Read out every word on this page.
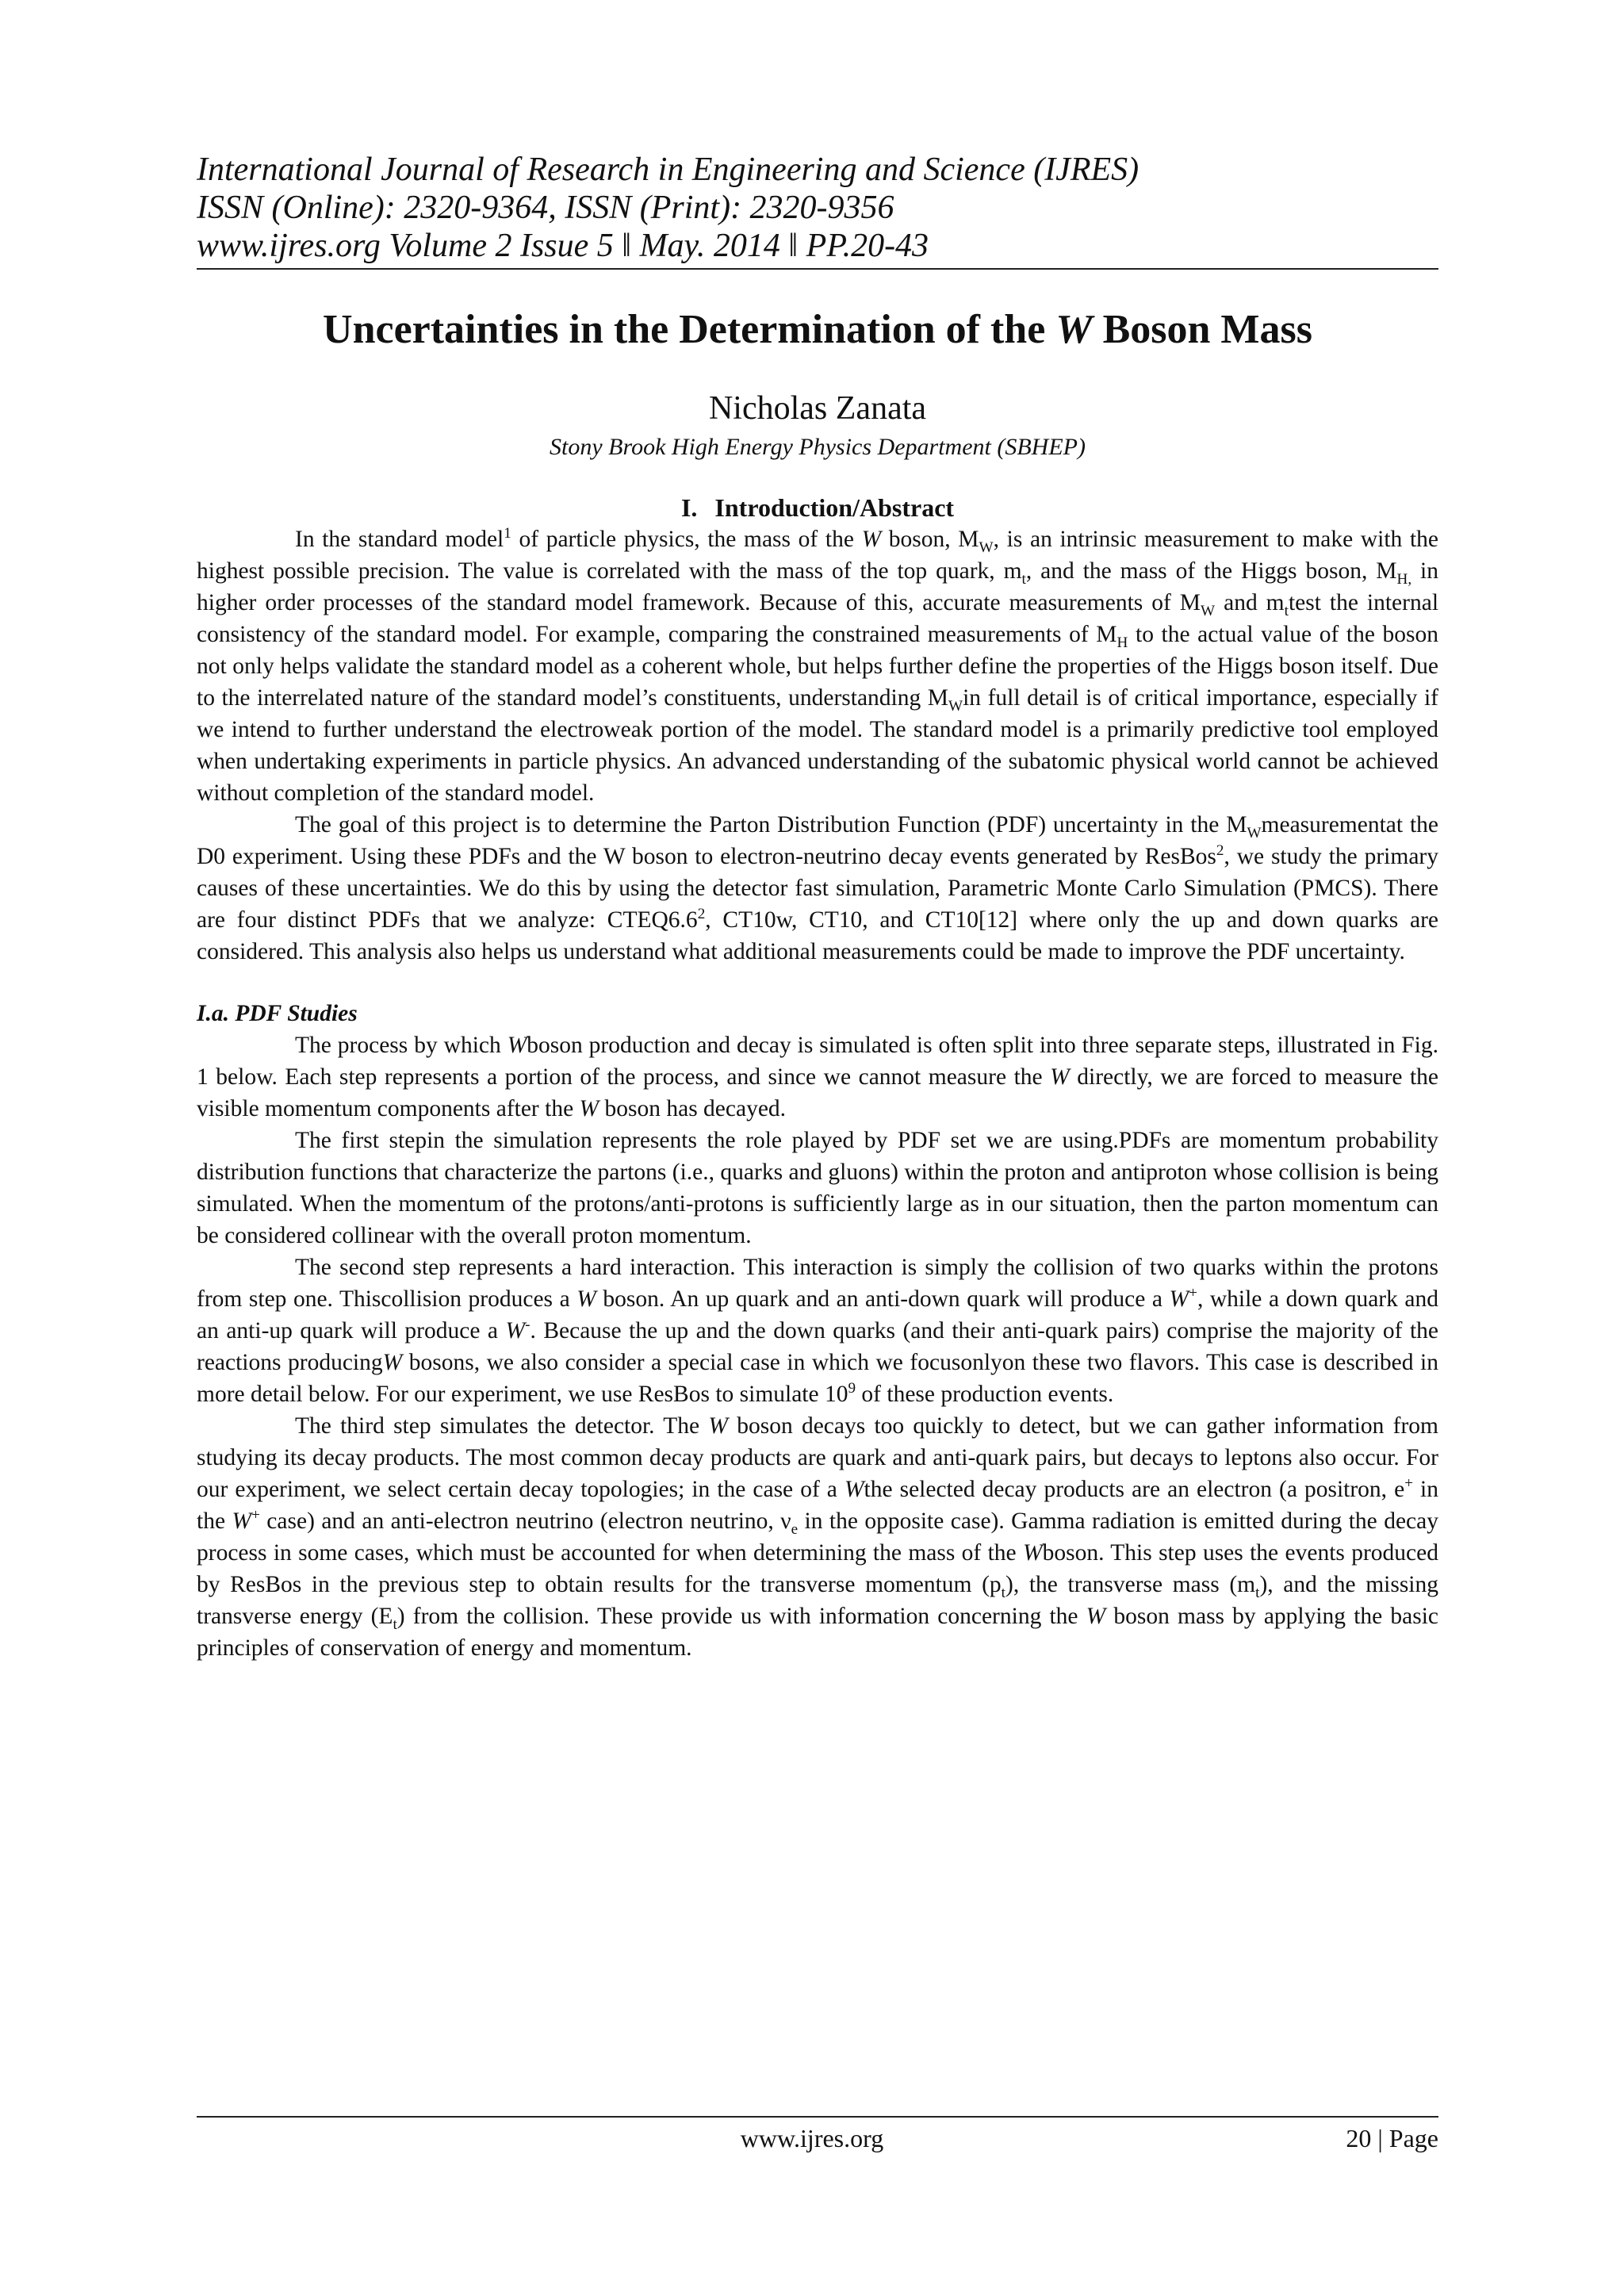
International Journal of Research in Engineering and Science (IJRES)

ISSN (Online): 2320-9364, ISSN (Print): 2320-9356

www.ijres.org Volume 2 Issue 5 ǁ May. 2014 ǁ PP.20-43

Uncertainties in the Determination of the W Boson Mass

Nicholas Zanata

Stony Brook High Energy Physics Department (SBHEP)

I. Introduction/Abstract

In the standard model$^1$ of particle physics, the mass of the W boson, $M_W$, is an intrinsic measurement to make with the highest possible precision. The value is correlated with the mass of the top quark, $m_t$, and the mass of the Higgs boson, $M_{H,}$ in higher order processes of the standard model framework. Because of this, accurate measurements of $M_W$ and $m_ttest$ the internal consistency of the standard model. For example, comparing the constrained measurements of $M_H$ to the actual value of the boson not only helps validate the standard model as a coherent whole, but helps further define the properties of the Higgs boson itself. Due to the interrelated nature of the standard model’s constituents, understanding $M_Win$ full detail is of critical importance, especially if we intend to further understand the electroweak portion of the model. The standard model is a primarily predictive tool employed when undertaking experiments in particle physics. An advanced understanding of the subatomic physical world cannot be achieved without completion of the standard model.

The goal of this project is to determine the Parton Distribution Function (PDF) uncertainty in the $M_Wmeasurementat$ the D0 experiment. Using these PDFs and the W boson to electron-neutrino decay events generated by ResBos$^2$, we study the primary causes of these uncertainties. We do this by using the detector fast simulation, Parametric Monte Carlo Simulation (PMCS). There are four distinct PDFs that we analyze: $CTEQ6.6^2$, CT10w, CT10, and CT10[12] where only the up and down quarks are considered. This analysis also helps us understand what additional measurements could be made to improve the PDF uncertainty.

I.a. PDF Studies

The process by which Wboson production and decay is simulated is often split into three separate steps, illustrated in Fig. 1 below. Each step represents a portion of the process, and since we cannot measure the W directly, we are forced to measure the visible momentum components after the W boson has decayed.

The first stepin the simulation represents the role played by PDF set we are using.PDFs are momentum probability distribution functions that characterize the partons (i.e., quarks and gluons) within the proton and antiproton whose collision is being simulated. When the momentum of the protons/anti-protons is sufficiently large as in our situation, then the parton momentum can be considered collinear with the overall proton momentum.

The second step represents a hard interaction. This interaction is simply the collision of two quarks within the protons from step one. Thiscollision produces a W boson. An up quark and an anti-down quark will produce a W+, while a down quark and an anti-up quark will produce a W-. Because the up and the down quarks (and their anti-quark pairs) comprise the majority of the reactions producingW bosons, we also consider a special case in which we focusonlyon these two flavors. This case is described in more detail below. For our experiment, we use ResBos to simulate $10^9$ of these production events.

The third step simulates the detector. The W boson decays too quickly to detect, but we can gather information from studying its decay products. The most common decay products are quark and anti-quark pairs, but decays to leptons also occur. For our experiment, we select certain decay topologies; in the case of a Wthe selected decay products are an electron (a positron, e+ in the W+ case) and an anti-electron neutrino (electron neutrino, $\nu_e$ in the opposite case). Gamma radiation is emitted during the decay process in some cases, which must be accounted for when determining the mass of the Wboson. This step uses the events produced by ResBos in the previous step to obtain results for the transverse momentum $(p_t)$, the transverse mass $(m_t)$, and the missing transverse energy $(E_t)$ from the collision. These provide us with information concerning the W boson mass by applying the basic principles of conservation of energy and momentum.

www.ijres.org	20 | Page
